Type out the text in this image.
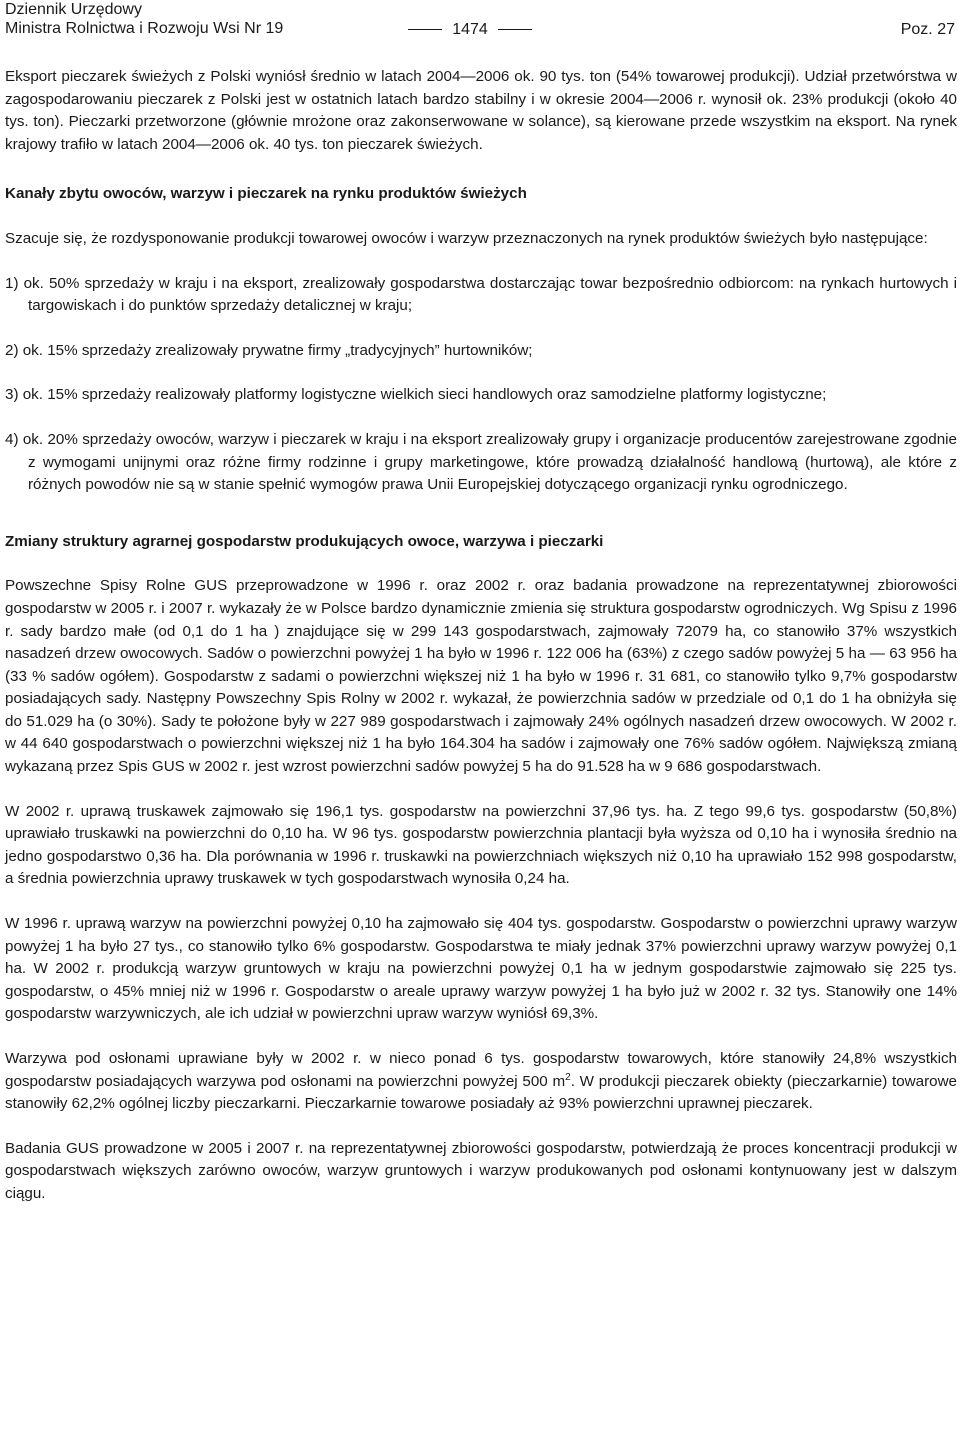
Dziennik Urzędowy
Ministra Rolnictwa i Rozwoju Wsi Nr 19	1474	Poz. 27

Eksport pieczarek świeżych z Polski wyniósł średnio w latach 2004—2006 ok. 90 tys. ton (54% towarowej produkcji). Udział przetwórstwa w zagospodarowaniu pieczarek z Polski jest w ostatnich latach bardzo stabilny i w okresie 2004—2006 r. wynosił ok. 23% produkcji (około 40 tys. ton). Pieczarki przetworzone (głównie mrożone oraz zakonserwowane w solance), są kierowane przede wszystkim na eksport. Na rynek krajowy trafiło w latach 2004—2006 ok. 40 tys. ton pieczarek świeżych.

Kanały zbytu owoców, warzyw i pieczarek na rynku produktów świeżych

Szacuje się, że rozdysponowanie produkcji towarowej owoców i warzyw przeznaczonych na rynek produktów świeżych było następujące:

1) ok. 50% sprzedaży w kraju i na eksport, zrealizowały gospodarstwa dostarczając towar bezpośrednio odbiorcom: na rynkach hurtowych i targowiskach i do punktów sprzedaży detalicznej w kraju;

2) ok. 15% sprzedaży zrealizowały prywatne firmy „tradycyjnych” hurtowników;

3) ok. 15% sprzedaży realizowały platformy logistyczne wielkich sieci handlowych oraz samodzielne platformy logistyczne;

4) ok. 20% sprzedaży owoców, warzyw i pieczarek w kraju i na eksport zrealizowały grupy i organizacje producentów zarejestrowane zgodnie z wymogami unijnymi oraz różne firmy rodzinne i grupy marketingowe, które prowadzą działalność handlową (hurtową), ale które z różnych powodów nie są w stanie spełnić wymogów prawa Unii Europejskiej dotyczącego organizacji rynku ogrodniczego.

Zmiany struktury agrarnej gospodarstw produkujących owoce, warzywa i pieczarki

Powszechne Spisy Rolne GUS przeprowadzone w 1996 r. oraz 2002 r. oraz badania prowadzone na reprezentatywnej zbiorowości gospodarstw w 2005 r. i 2007 r. wykazały że w Polsce bardzo dynamicznie zmienia się struktura gospodarstw ogrodniczych. Wg Spisu z 1996 r. sady bardzo małe (od 0,1 do 1 ha ) znajdujące się w 299 143 gospodarstwach, zajmowały 72079 ha, co stanowiło 37% wszystkich nasadzeń drzew owocowych. Sadów o powierzchni powyżej 1 ha było w 1996 r. 122 006 ha (63%) z czego sadów powyżej 5 ha — 63 956 ha (33 % sadów ogółem). Gospodarstw z sadami o powierzchni większej niż 1 ha było w 1996 r. 31 681, co stanowiło tylko 9,7% gospodarstw posiadających sady. Następny Powszechny Spis Rolny w 2002 r. wykazał, że powierzchnia sadów w przedziale od 0,1 do 1 ha obniżyła się do 51.029 ha (o 30%). Sady te położone były w 227 989 gospodarstwach i zajmowały 24% ogólnych nasadzeń drzew owocowych. W 2002 r. w 44 640 gospodarstwach o powierzchni większej niż 1 ha było 164.304 ha sadów i zajmowały one 76% sadów ogółem. Największą zmianą wykazaną przez Spis GUS w 2002 r. jest wzrost powierzchni sadów powyżej 5 ha do 91.528 ha w 9 686 gospodarstwach.

W 2002 r. uprawą truskawek zajmowało się 196,1 tys. gospodarstw na powierzchni 37,96 tys. ha. Z tego 99,6 tys. gospodarstw (50,8%) uprawiało truskawki na powierzchni do 0,10 ha. W 96 tys. gospodarstw powierzchnia plantacji była wyższa od 0,10 ha i wynosiła średnio na jedno gospodarstwo 0,36 ha. Dla porównania w 1996 r. truskawki na powierzchniach większych niż 0,10 ha uprawiało 152 998 gospodarstw, a średnia powierzchnia uprawy truskawek w tych gospodarstwach wynosiła 0,24 ha.

W 1996 r. uprawą warzyw na powierzchni powyżej 0,10 ha zajmowało się 404 tys. gospodarstw. Gospodarstw o powierzchni uprawy warzyw powyżej 1 ha było 27 tys., co stanowiło tylko 6% gospodarstw. Gospodarstwa te miały jednak 37% powierzchni uprawy warzyw powyżej 0,1 ha. W 2002 r. produkcją warzyw gruntowych w kraju na powierzchni powyżej 0,1 ha w jednym gospodarstwie zajmowało się 225 tys. gospodarstw, o 45% mniej niż w 1996 r. Gospodarstw o areale uprawy warzyw powyżej 1 ha było już w 2002 r. 32 tys. Stanowiły one 14% gospodarstw warzywniczych, ale ich udział w powierzchni upraw warzyw wyniósł 69,3%.

Warzywa pod osłonami uprawiane były w 2002 r. w nieco ponad 6 tys. gospodarstw towarowych, które stanowiły 24,8% wszystkich gospodarstw posiadających warzywa pod osłonami na powierzchni powyżej 500 $m^2$. W produkcji pieczarek obiekty (pieczarkarnie) towarowe stanowiły 62,2% ogólnej liczby pieczarkarni. Pieczarkarnie towarowe posiadały aż 93% powierzchni uprawnej pieczarek.

Badania GUS prowadzone w 2005 i 2007 r. na reprezentatywnej zbiorowości gospodarstw, potwierdzają że proces koncentracji produkcji w gospodarstwach większych zarówno owoców, warzyw gruntowych i warzyw produkowanych pod osłonami kontynuowany jest w dalszym ciągu.
